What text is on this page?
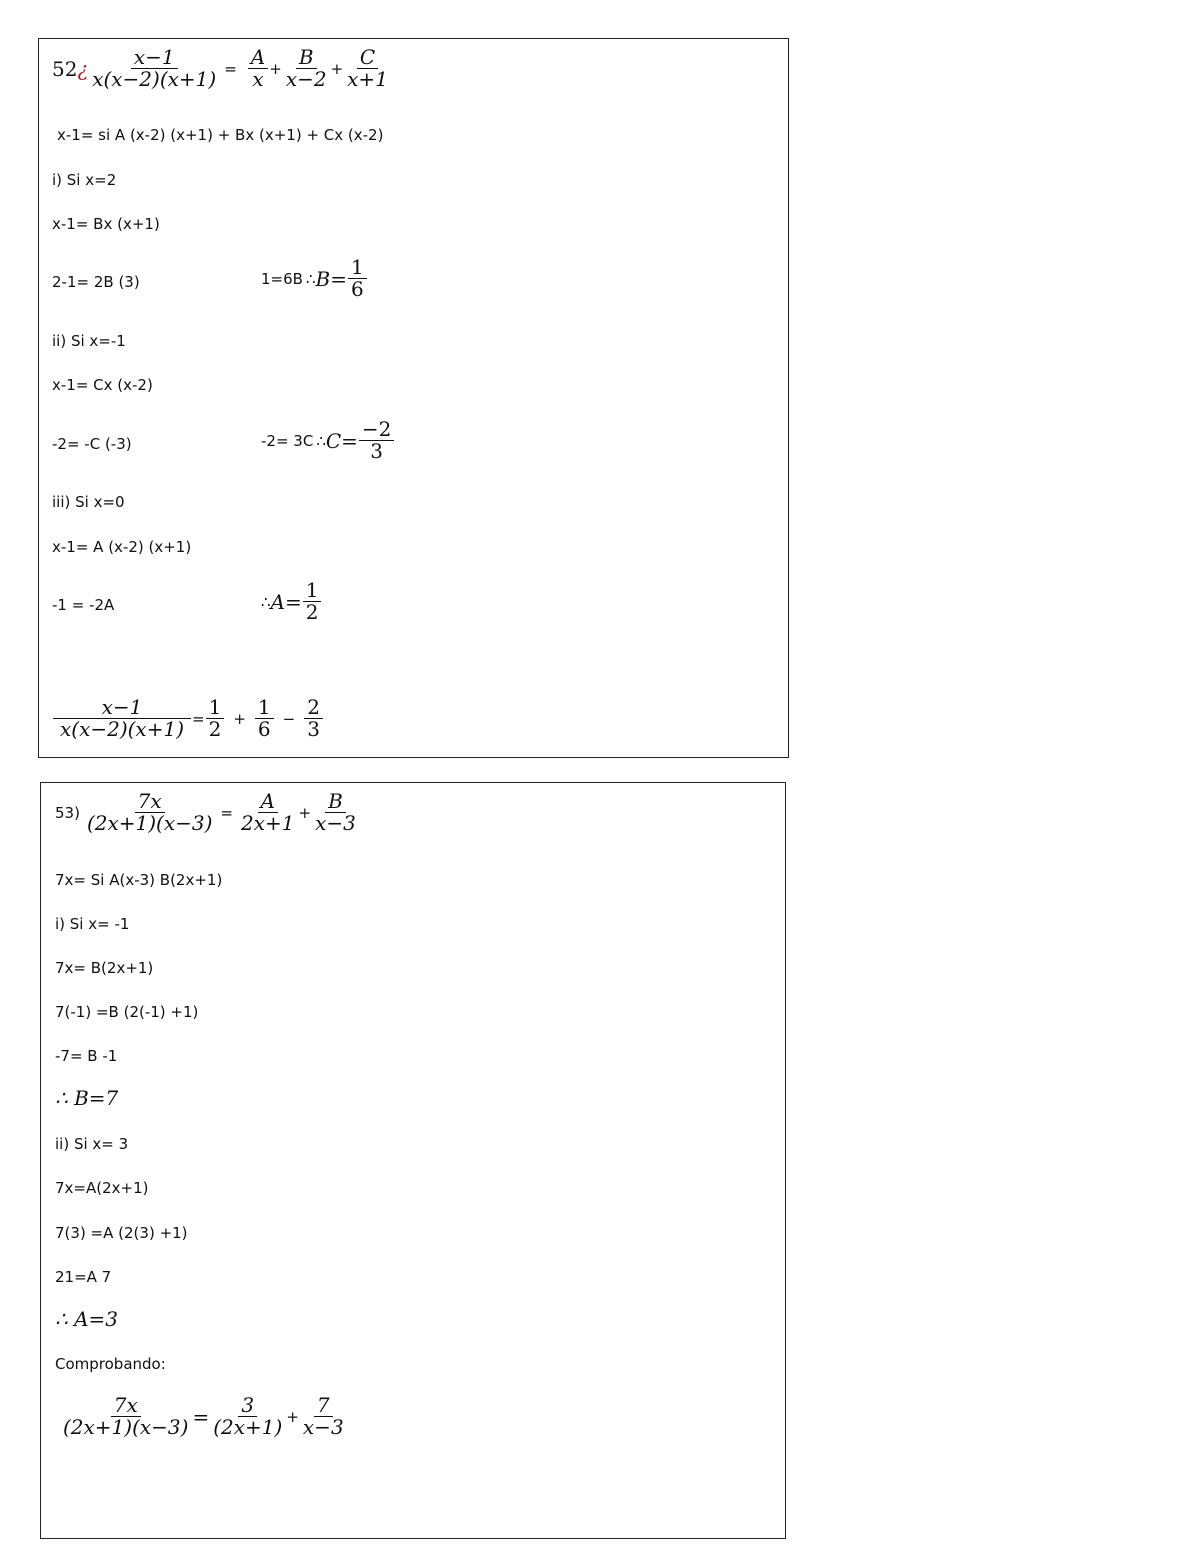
52 ¿ $\frac{x-1}{x(x-2)(x+1)} = \frac{A}{x} + \frac{B}{x-2} + \frac{C}{x+1}$
x-1= si A (x-2) (x+1) + Bx (x+1) + Cx (x-2)
i) Si x=2
x-1= Bx (x+1)
2-1= 2B (3)	1=6B ∴ $B= \frac{1}{6}$
ii) Si x=-1
x-1= Cx (x-2)
-2= -C (-3)	-2= 3C ∴ $C= \frac{-2}{3}$
iii) Si x=0
x-1= A (x-2) (x+1)
-1 = -2A	∴ $A= \frac{1}{2}$
$\frac{x-1}{x(x-2)(x+1)} = \frac{1}{2} + \frac{1}{6} - \frac{2}{3}$
$53) \frac{7x}{(2x+1)(x-3)} = \frac{A}{2x+1} + \frac{B}{x-3}$
7x= Si A(x-3) B(2x+1)
i) Si x= -1
7x= B(2x+1)
7(-1) =B (2(-1) +1)
-7= B -1
∴ B=7
ii) Si x= 3
7x=A(2x+1)
7(3) =A (2(3) +1)
21=A 7
∴ A=3
Comprobando:
$\frac{7x}{(2x+1)(x-3)} = \frac{3}{(2x+1)} + \frac{7}{x-3}$
